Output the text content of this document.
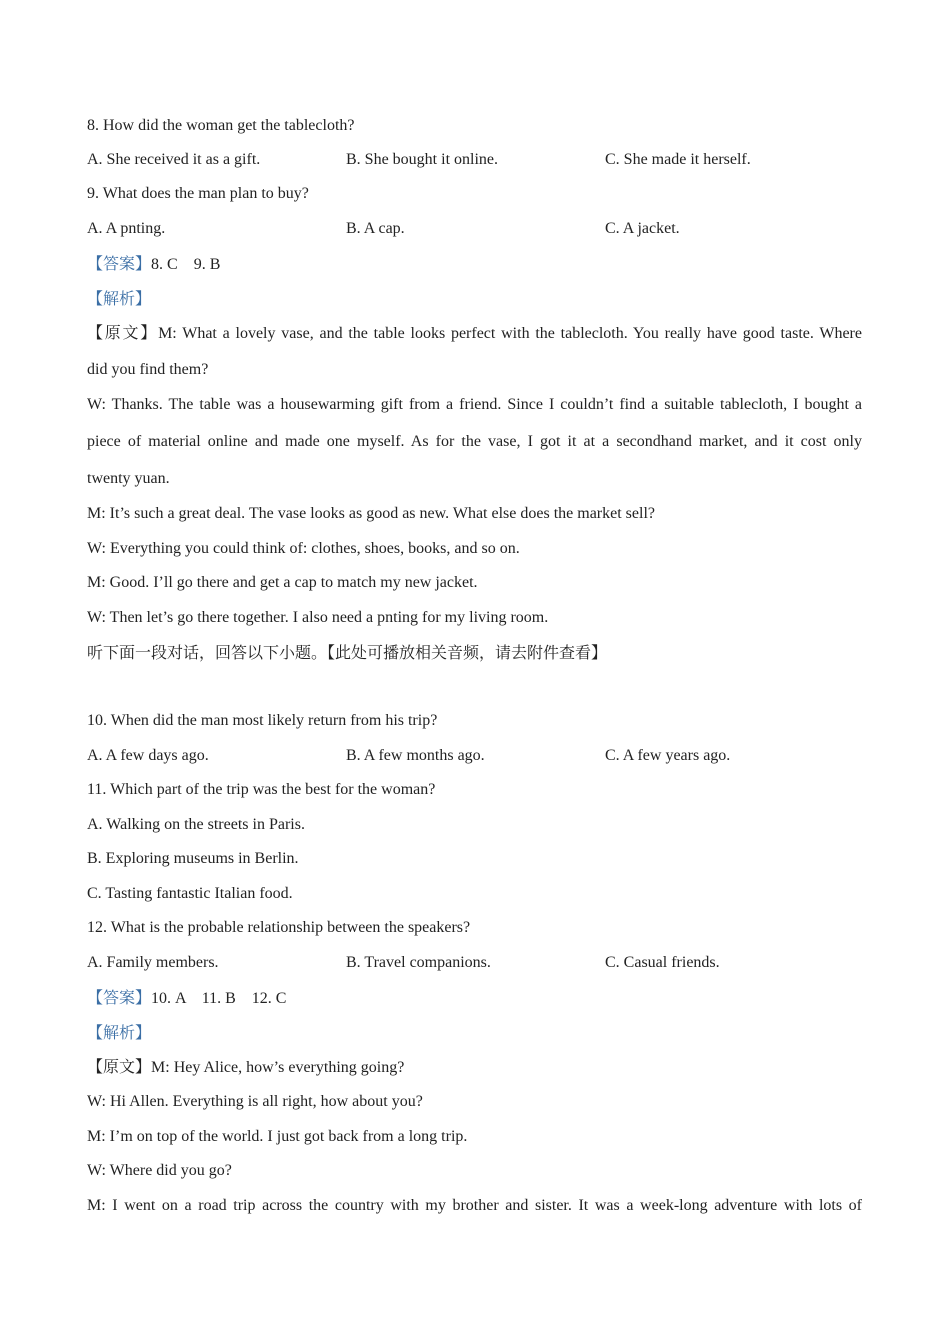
8. How did the woman get the tablecloth?
A. She received it as a gift.	B. She bought it online.	C. She made it herself.
9. What does the man plan to buy?
A. A pnting.	B. A cap.	C. A jacket.
【答案】8. C    9. B
【解析】
【原文】M: What a lovely vase, and the table looks perfect with the tablecloth. You really have good taste. Where
did you find them?
W: Thanks. The table was a housewarming gift from a friend. Since I couldn’t find a suitable tablecloth, I bought a
piece of material online and made one myself. As for the vase, I got it at a secondhand market, and it cost only
twenty yuan.
M: It’s such a great deal. The vase looks as good as new. What else does the market sell?
W: Everything you could think of: clothes, shoes, books, and so on.
M: Good. I’ll go there and get a cap to match my new jacket.
W: Then let’s go there together. I also need a pnting for my living room.
听下面一段对话，回答以下小题。【此处可播放相关音频，请去附件查看】
10. When did the man most likely return from his trip?
A. A few days ago.	B. A few months ago.	C. A few years ago.
11. Which part of the trip was the best for the woman?
A. Walking on the streets in Paris.
B. Exploring museums in Berlin.
C. Tasting fantastic Italian food.
12. What is the probable relationship between the speakers?
A. Family members.	B. Travel companions.	C. Casual friends.
【答案】10. A    11. B    12. C
【解析】
【原文】M: Hey Alice, how’s everything going?
W: Hi Allen. Everything is all right, how about you?
M: I’m on top of the world. I just got back from a long trip.
W: Where did you go?
M: I went on a road trip across the country with my brother and sister. It was a week-long adventure with lots of
